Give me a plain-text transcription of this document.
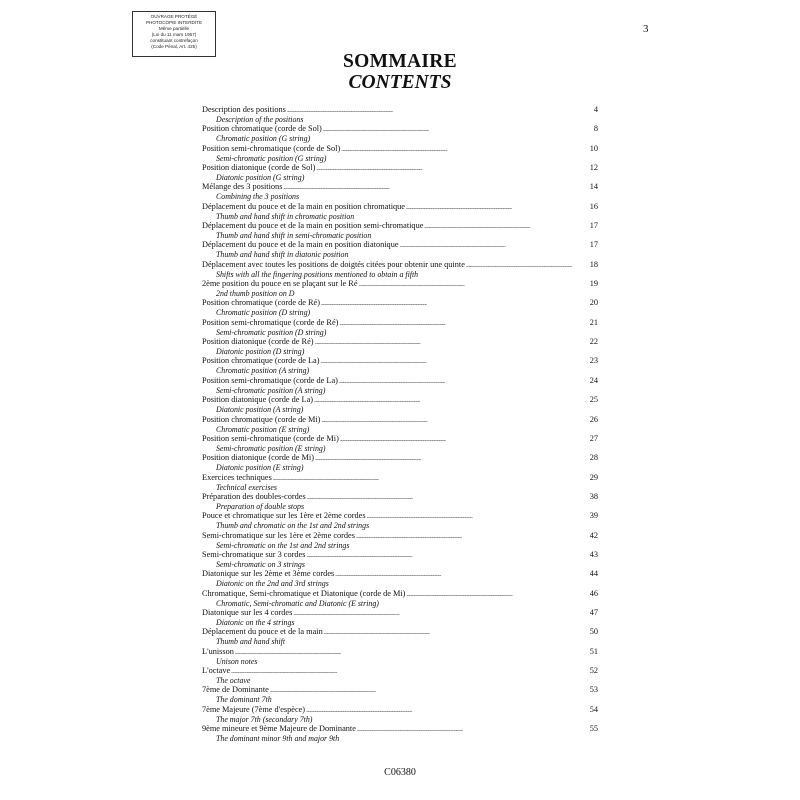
OUVRAGE PROTÉGÉ
PHOTOCOPIE INTERDITE
Même partielle
(Loi du 11 mars 1957)
constituant contrefaçon
(Code Pénal, Art. 425)
3
SOMMAIRE
CONTENTS
Description des positions . . .	4
Description of the positions
Position chromatique (corde de Sol) . . .	8
Chromatic position (G string)
Position semi-chromatique (corde de Sol) . . .	10
Semi-chromatic position (G string)
Position diatonique (corde de Sol) . . .	12
Diatonic position (G string)
Mélange des 3 positions . . .	14
Combining the 3 positions
Déplacement du pouce et de la main en position chromatique . . .	16
Thumb and hand shift in chromatic position
Déplacement du pouce et de la main en position semi-chromatique . . .	17
Thumb and hand shift in semi-chromatic position
Déplacement du pouce et de la main en position diatonique . . .	17
Thumb and hand shift in diatonic position
Déplacement avec toutes les positions de doigtés citées pour obtenir une quinte . . .	18
Shifts with all the fingering positions mentioned to obtain a fifth
2ème position du pouce en se plaçant sur le Ré . . .	19
2nd thumb position on D
Position chromatique (corde de Ré) . . .	20
Chromatic position (D string)
Position semi-chromatique (corde de Ré) . . .	21
Semi-chromatic position (D string)
Position diatonique (corde de Ré) . . .	22
Diatonic position (D string)
Position chromatique (corde de La) . . .	23
Chromatic position (A string)
Position semi-chromatique (corde de La) . . .	24
Semi-chromatic position (A string)
Position diatonique (corde de La) . . .	25
Diatonic position (A string)
Position chromatique (corde de Mi) . . .	26
Chromatic position (E string)
Position semi-chromatique (corde de Mi) . . .	27
Semi-chromatic position (E string)
Position diatonique (corde de Mi) . . .	28
Diatonic position (E string)
Exercices techniques . . .	29
Technical exercises
Préparation des doubles-cordes . . .	38
Preparation of double stops
Pouce et chromatique sur les 1ère et 2ème cordes . . .	39
Thumb and chromatic on the 1st and 2nd strings
Semi-chromatique sur les 1ère et 2ème cordes . . .	42
Semi-chromatic on the 1st and 2nd strings
Semi-chromatique sur 3 cordes . . .	43
Semi-chromatic on 3 strings
Diatonique sur les 2ème et 3ème cordes . . .	44
Diatonic on the 2nd and 3rd strings
Chromatique, Semi-chromatique et Diatonique (corde de Mi) . . .	46
Chromatic, Semi-chromatic and Diatonic (E string)
Diatonique sur les 4 cordes . . .	47
Diatonic on the 4 strings
Déplacement du pouce et de la main . . .	50
Thumb and hand shift
L'unisson . . .	51
Unison notes
L'octave . . .	52
The octave
7ème de Dominante . . .	53
The dominant 7th
7ème Majeure (7ème d'espèce) . . .	54
The major 7th (secondary 7th)
9ème mineure et 9ème Majeure de Dominante . . .	55
The dominant minor 9th and major 9th
C06380
